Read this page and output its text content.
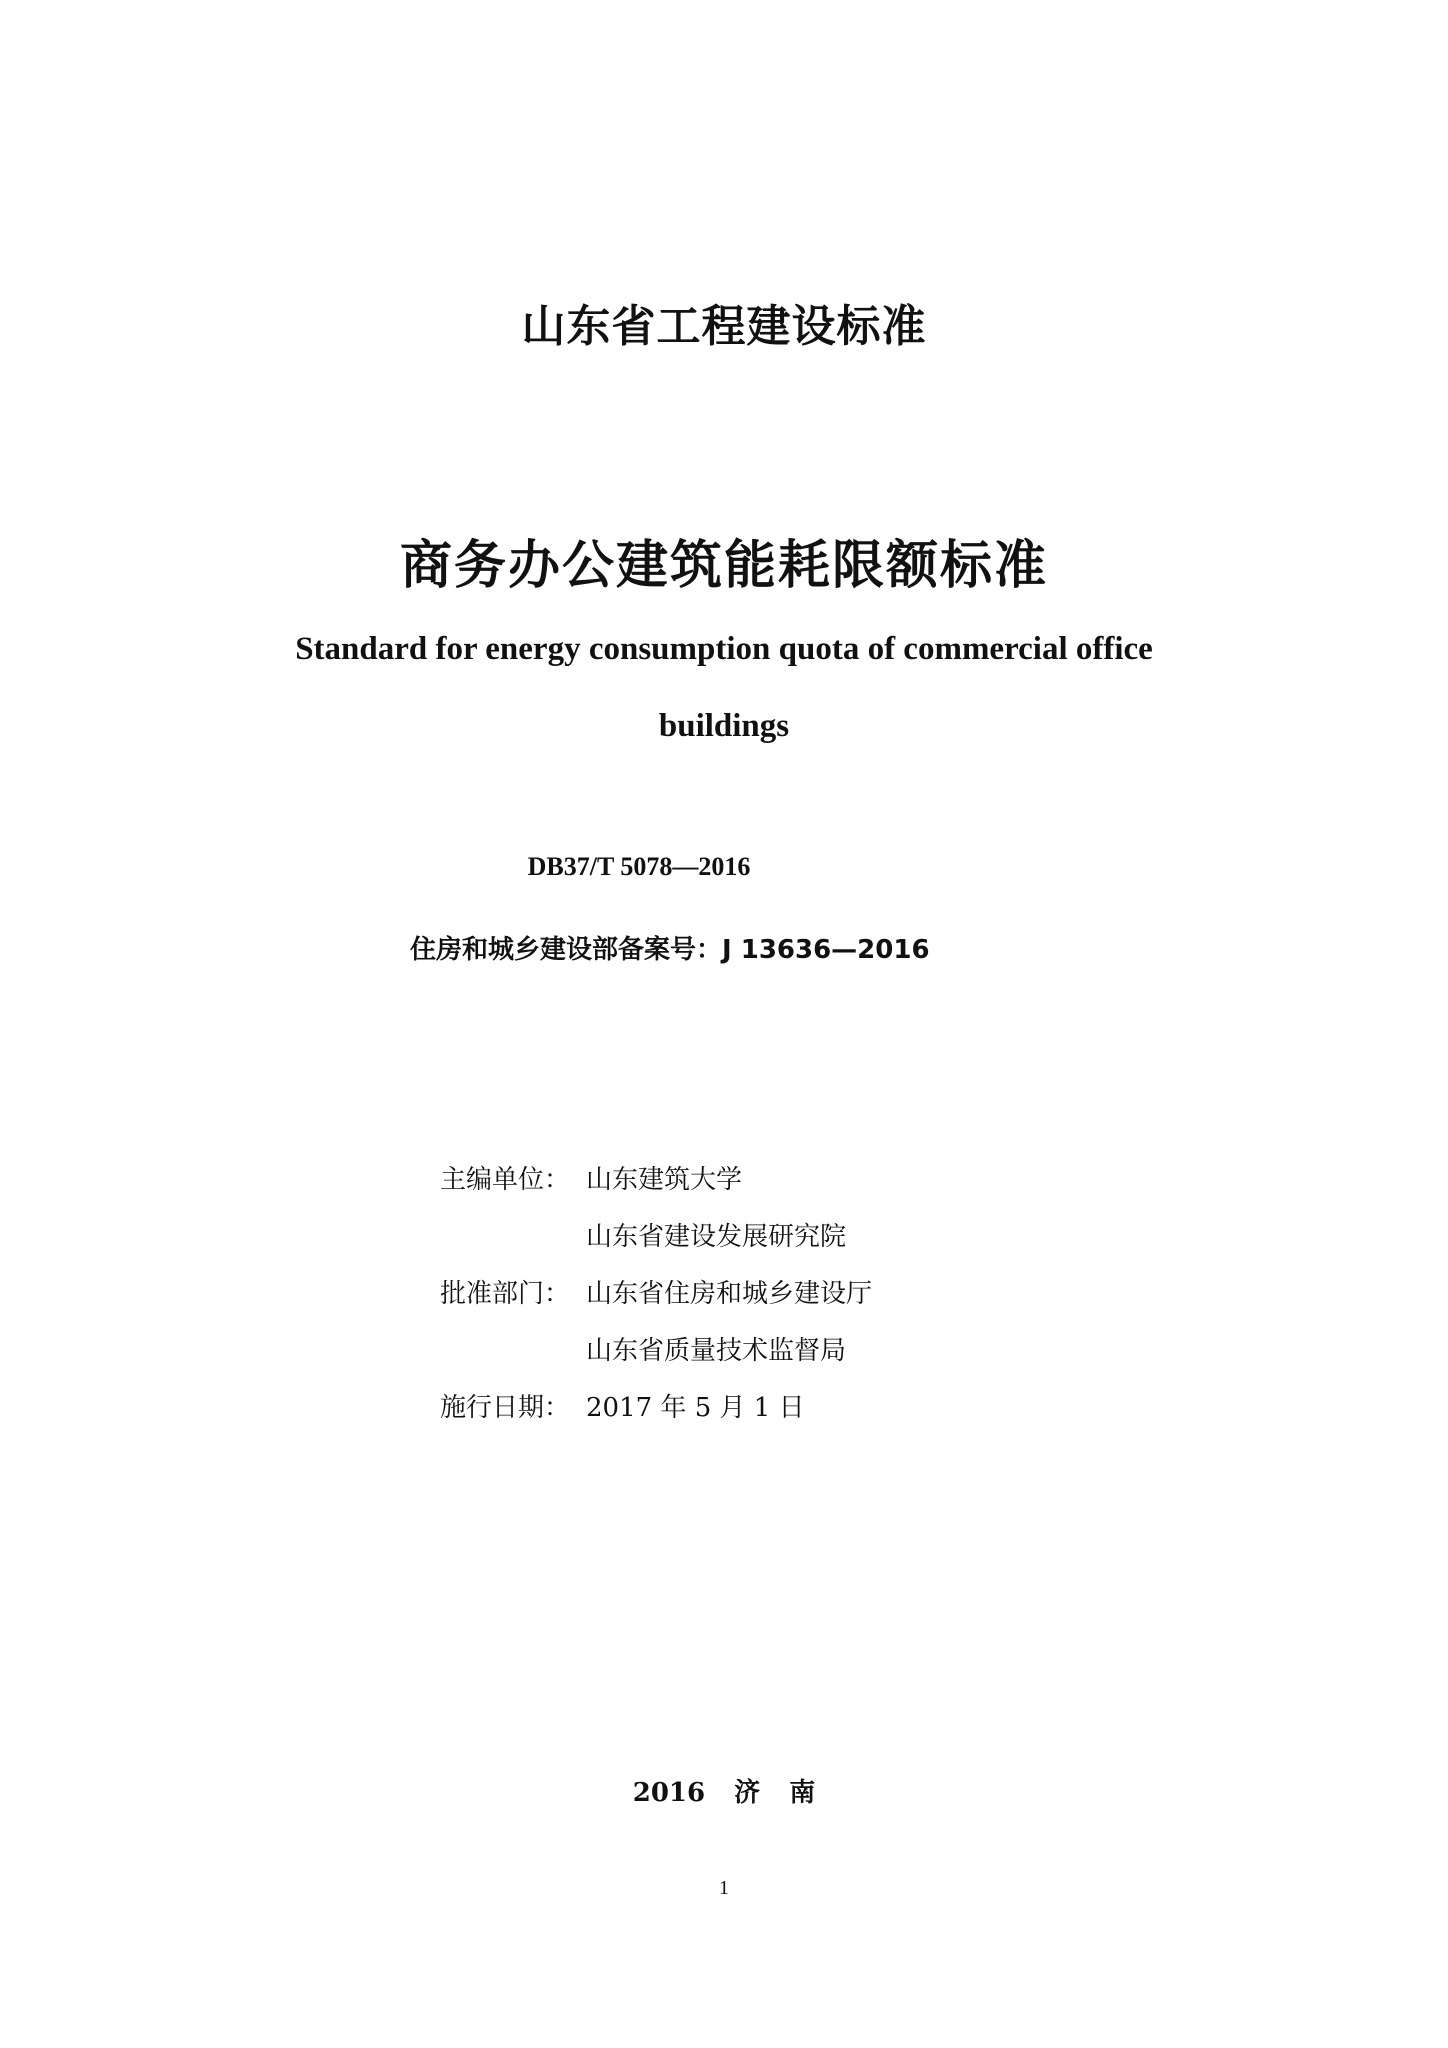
山东省工程建设标准
商务办公建筑能耗限额标准
Standard for energy consumption quota of commercial office
buildings
DB37/T 5078—2016
住房和城乡建设部备案号：J 13636—2016
主编单位： 山东建筑大学
山东省建设发展研究院
批准部门： 山东省住房和城乡建设厅
山东省质量技术监督局
施行日期： 2017 年 5 月 1 日
2016 济 南
1
